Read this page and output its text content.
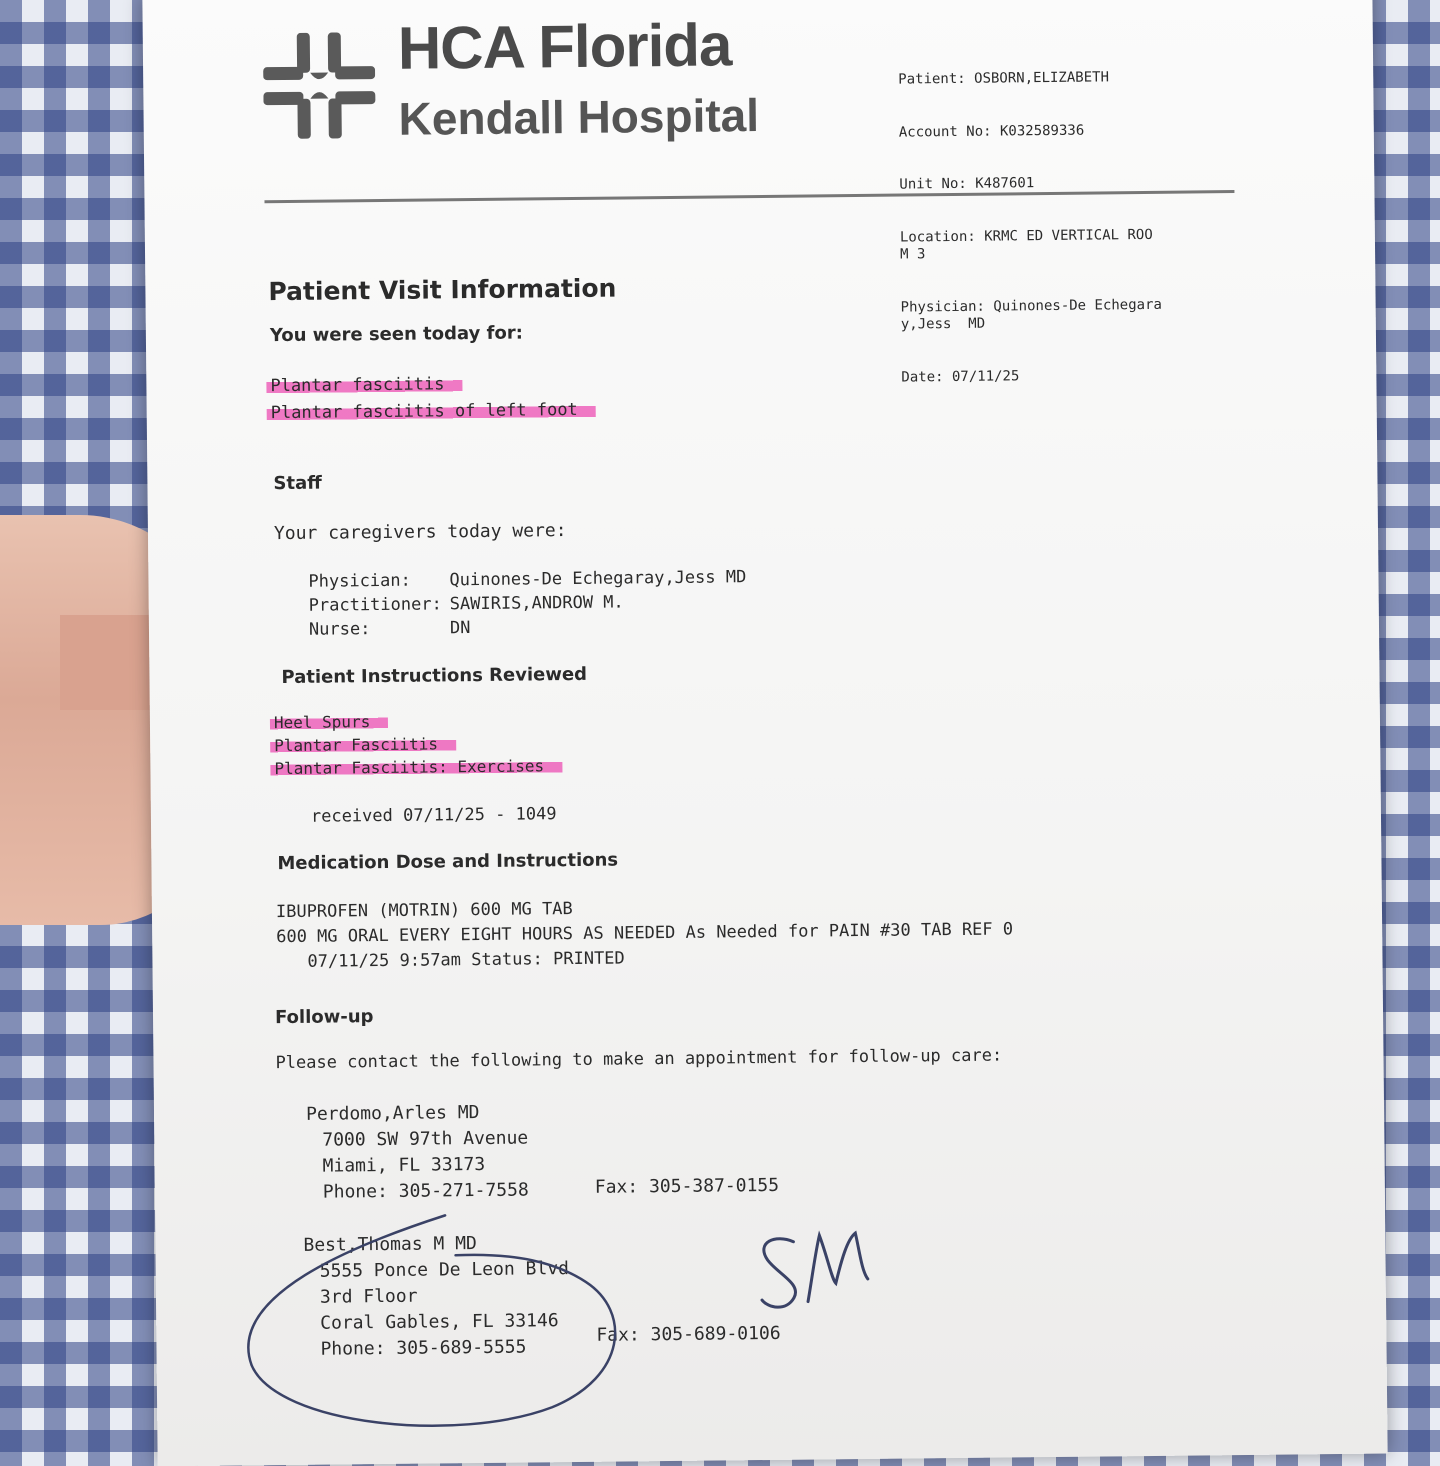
HCA Florida
Kendall Hospital

Patient: OSBORN,ELIZABETH

Account No: K032589336

Unit No: K487601

Location: KRMC ED VERTICAL ROO
M 3

Physician: Quinones-De Echegara
y,Jess  MD

Date: 07/11/25

Patient Visit Information
You were seen today for:
Plantar fasciitis
Plantar fasciitis of left foot
Staff
Your caregivers today were:
Physician:	Quinones-De Echegaray,Jess MD
Practitioner: SAWIRIS,ANDROW M.
Nurse:	DN
Patient Instructions Reviewed
Heel Spurs
Plantar Fasciitis
Plantar Fasciitis: Exercises
received 07/11/25 - 1049
Medication Dose and Instructions
IBUPROFEN (MOTRIN) 600 MG TAB
600 MG ORAL EVERY EIGHT HOURS AS NEEDED As Needed for PAIN #30 TAB REF 0
07/11/25 9:57am Status: PRINTED
Follow-up
Please contact the following to make an appointment for follow-up care:
Perdomo,Arles MD
7000 SW 97th Avenue
Miami, FL 33173
Phone: 305-271-7558	Fax: 305-387-0155
Best,Thomas M MD
5555 Ponce De Leon Blvd
3rd Floor
Coral Gables, FL 33146
Phone: 305-689-5555
Fax: 305-689-0106
